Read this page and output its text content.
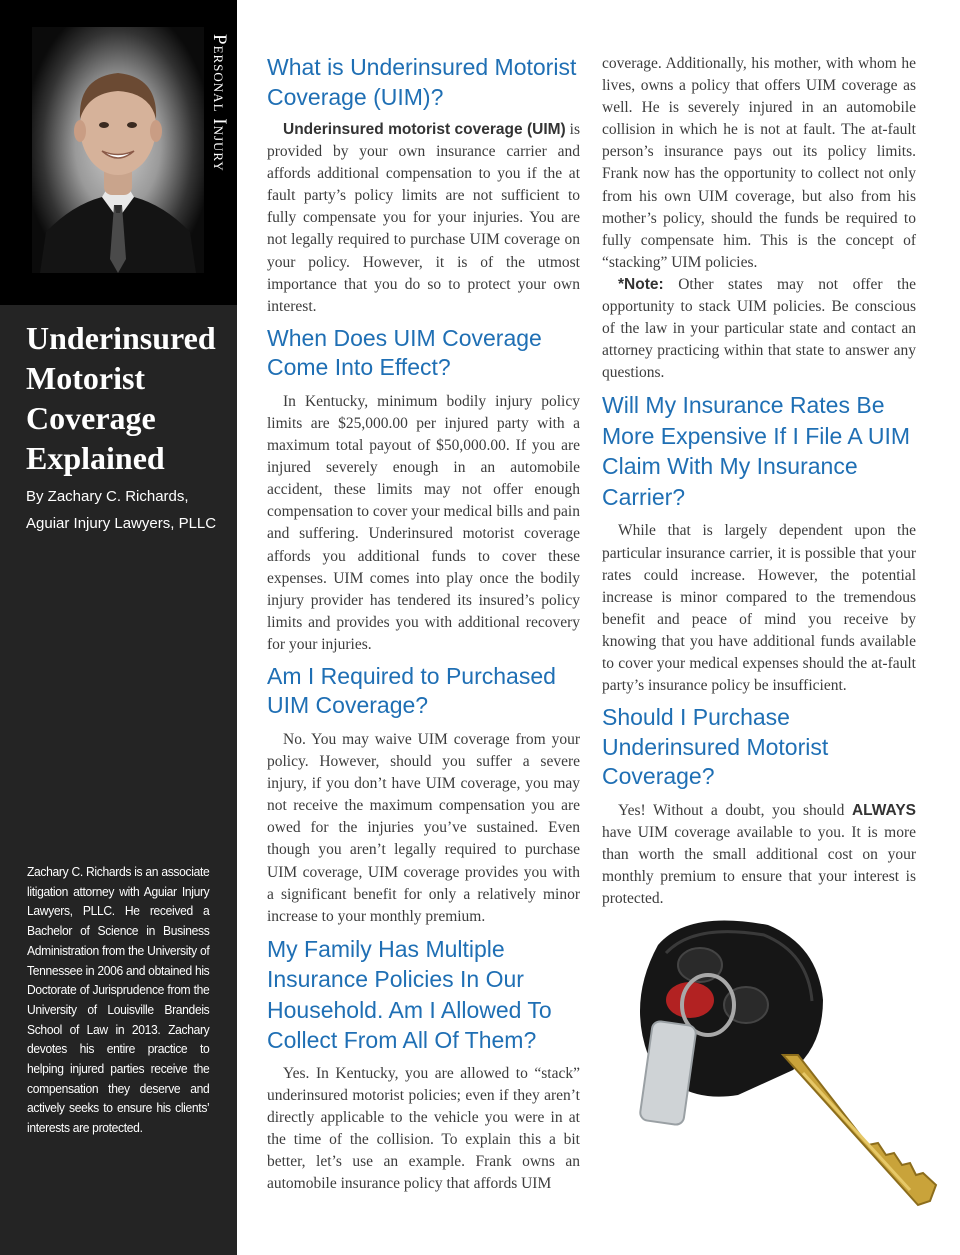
Personal Injury
Underinsured Motorist Coverage Explained
By Zachary C. Richards,
Aguiar Injury Lawyers, PLLC

Zachary C. Richards is an associate litigation attorney with Aguiar Injury Lawyers, PLLC. He received a Bachelor of Science in Business Administration from the University of Tennessee in 2006 and obtained his Doctorate of Jurisprudence from the University of Louisville Brandeis School of Law in 2013. Zachary devotes his entire practice to helping injured parties receive the compensation they deserve and actively seeks to ensure his clients’ interests are protected.

What is Underinsured Motorist Coverage (UIM)?

Underinsured motorist coverage (UIM) is provided by your own insurance carrier and affords additional compensation to you if the at fault party’s policy limits are not sufficient to fully compensate you for your injuries. You are not legally required to purchase UIM coverage on your policy. However, it is of the utmost importance that you do so to protect your own interest.

When Does UIM Coverage Come Into Effect?

In Kentucky, minimum bodily injury policy limits are $25,000.00 per injured party with a maximum total payout of $50,000.00. If you are injured severely enough in an automobile accident, these limits may not offer enough compensation to cover your medical bills and pain and suffering. Underinsured motorist coverage affords you additional funds to cover these expenses. UIM comes into play once the bodily injury provider has tendered its insured’s policy limits and provides you with additional recovery for your injuries.

Am I Required to Purchased UIM Coverage?

No. You may waive UIM coverage from your policy. However, should you suffer a severe injury, if you don’t have UIM coverage, you may not receive the maximum compensation you are owed for the injuries you’ve sustained. Even though you aren’t legally required to purchase UIM coverage, UIM coverage provides you with a significant benefit for only a relatively minor increase to your monthly premium.

My Family Has Multiple Insurance Policies In Our Household. Am I Allowed To Collect From All Of Them?

Yes. In Kentucky, you are allowed to “stack” underinsured motorist policies; even if they aren’t directly applicable to the vehicle you were in at the time of the collision. To explain this a bit better, let’s use an example. Frank owns an automobile insurance policy that affords UIM

coverage. Additionally, his mother, with whom he lives, owns a policy that offers UIM coverage as well. He is severely injured in an automobile collision in which he is not at fault. The at-fault person’s insurance pays out its policy limits. Frank now has the opportunity to collect not only from his own UIM coverage, but also from his mother’s policy, should the funds be required to fully compensate him. This is the concept of “stacking” UIM policies.

*Note: Other states may not offer the opportunity to stack UIM policies. Be conscious of the law in your particular state and contact an attorney practicing within that state to answer any questions.

Will My Insurance Rates Be More Expensive If I File A UIM Claim With My Insurance Carrier?

While that is largely dependent upon the particular insurance carrier, it is possible that your rates could increase. However, the potential increase is minor compared to the tremendous benefit and peace of mind you receive by knowing that you have additional funds available to cover your medical expenses should the at-fault party’s insurance policy be insufficient.

Should I Purchase Underinsured Motorist Coverage?

Yes! Without a doubt, you should ALWAYS have UIM coverage available to you. It is more than worth the small additional cost on your monthly premium to ensure that your interest is protected.
